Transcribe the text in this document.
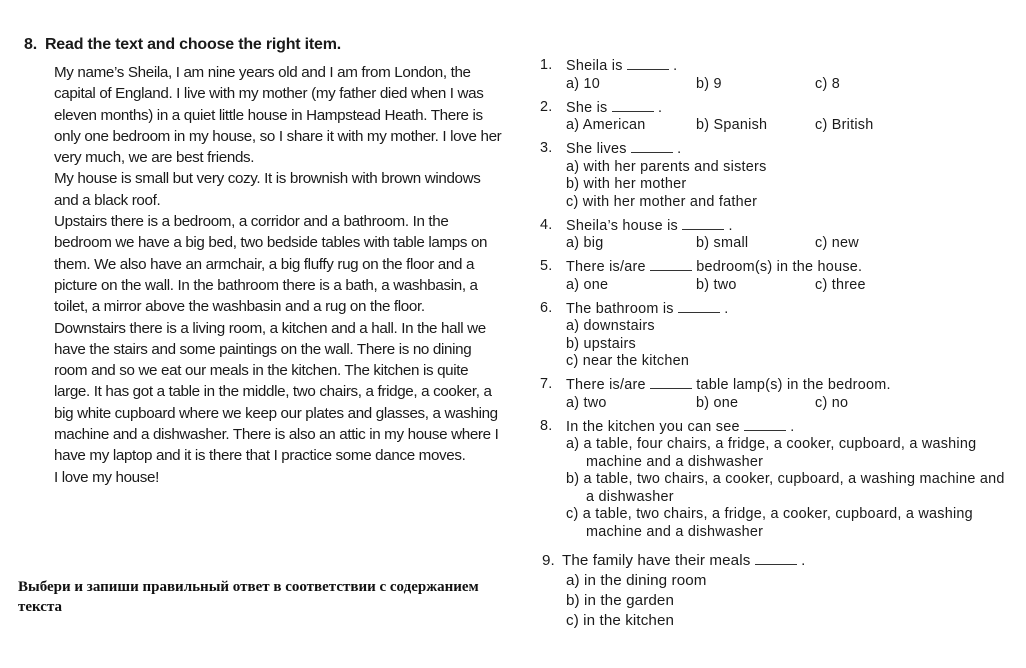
8. Read the text and choose the right item.

My name’s Sheila, I am nine years old and I am from London, the capital of England. I live with my mother (my father died when I was eleven months) in a quiet little house in Hampstead Heath. There is only one bedroom in my house, so I share it with my mother. I love her very much, we are best friends.

My house is small but very cozy. It is brownish with brown windows and a black roof.

Upstairs there is a bedroom, a corridor and a bathroom. In the bedroom we have a big bed, two bedside tables with table lamps on them. We also have an armchair, a big fluffy rug on the floor and a picture on the wall. In the bathroom there is a bath, a washbasin, a toilet, a mirror above the washbasin and a rug on the floor.

Downstairs there is a living room, a kitchen and a hall. In the hall we have the stairs and some paintings on the wall. There is no dining room and so we eat our meals in the kitchen. The kitchen is quite large. It has got a table in the middle, two chairs, a fridge, a cooker, a big white cupboard where we keep our plates and glasses, a washing machine and a dishwasher. There is also an attic in my house where I have my laptop and it is there that I practice some dance moves.

I love my house!

Выбери и запиши правильный ответ в соответствии с содержанием текста
1. Sheila is	.
a) 10	b) 9	c) 8
2. She is	.
a) American	b) Spanish	c) British
3. She lives	.
a) with her parents and sisters
b) with her mother
c) with her mother and father
4. Sheila’s house is	.
a) big	b) small	c) new
5. There is/are	bedroom(s) in the house.
a) one	b) two	c) three
6. The bathroom is	.
a) downstairs
b) upstairs
c) near the kitchen
7. There is/are	table lamp(s) in the bedroom.
a) two	b) one	c) no
8. In the kitchen you can see	.
a) a table, four chairs, a fridge, a cooker, cupboard, a washing machine and a dishwasher
b) a table, two chairs, a cooker, cupboard, a washing machine and a dishwasher
c) a table, two chairs, a fridge, a cooker, cupboard, a washing machine and a dishwasher
9. The family have their meals	.
a) in the dining room
b) in the garden
c) in the kitchen
